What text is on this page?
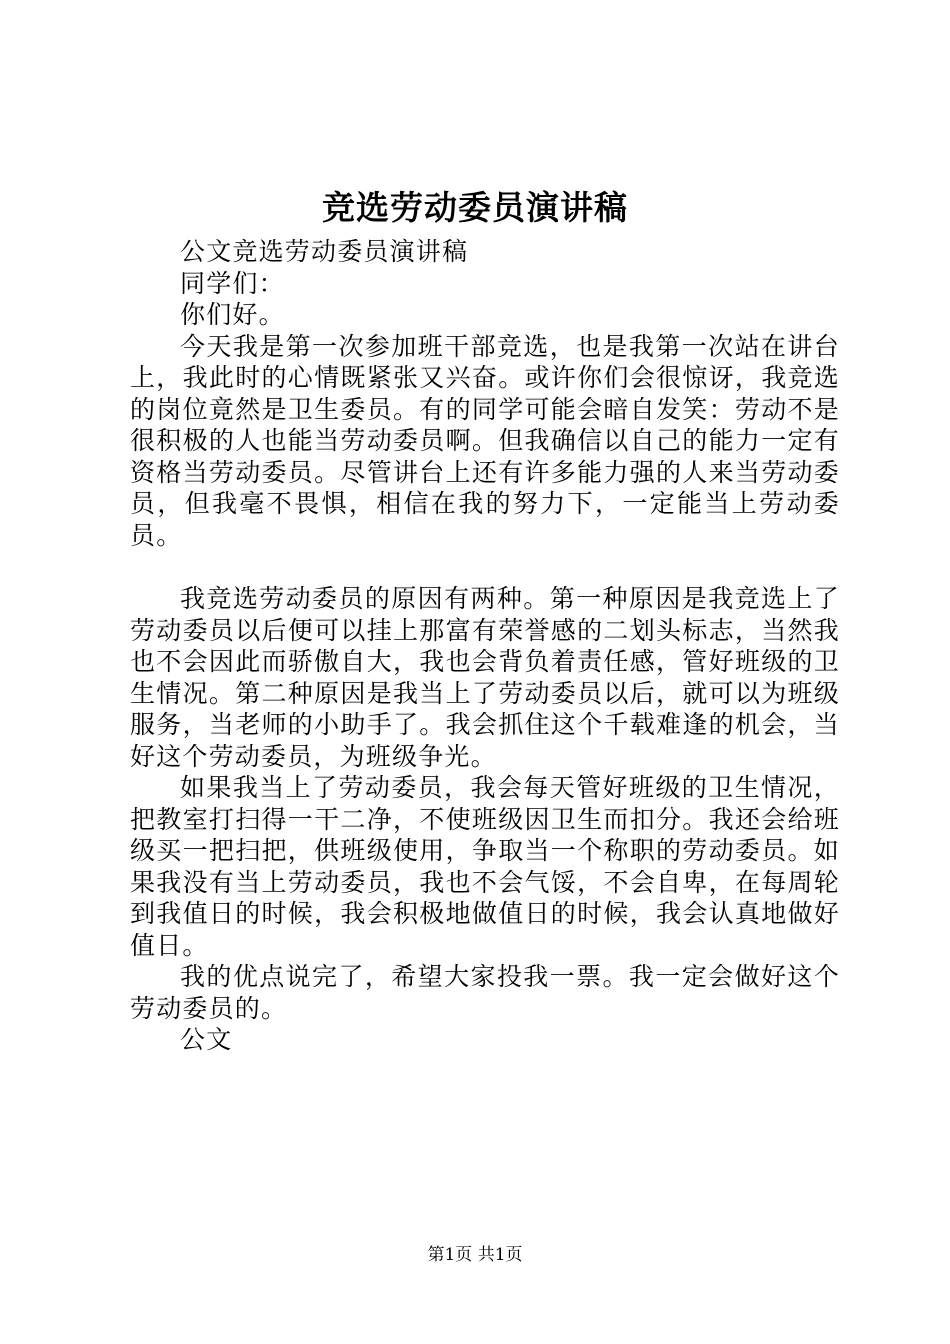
竞选劳动委员演讲稿

公文竞选劳动委员演讲稿

同学们：

你们好。

今天我是第一次参加班干部竞选，也是我第一次站在讲台上，我此时的心情既紧张又兴奋。或许你们会很惊讶，我竞选的岗位竟然是卫生委员。有的同学可能会暗自发笑：劳动不是很积极的人也能当劳动委员啊。但我确信以自己的能力一定有资格当劳动委员。尽管讲台上还有许多能力强的人来当劳动委员，但我毫不畏惧，相信在我的努力下，一定能当上劳动委员。

我竞选劳动委员的原因有两种。第一种原因是我竞选上了劳动委员以后便可以挂上那富有荣誉感的二划头标志，当然我也不会因此而骄傲自大，我也会背负着责任感，管好班级的卫生情况。第二种原因是我当上了劳动委员以后，就可以为班级服务，当老师的小助手了。我会抓住这个千载难逢的机会，当好这个劳动委员，为班级争光。

如果我当上了劳动委员，我会每天管好班级的卫生情况，把教室打扫得一干二净，不使班级因卫生而扣分。我还会给班级买一把扫把，供班级使用，争取当一个称职的劳动委员。如果我没有当上劳动委员，我也不会气馁，不会自卑，在每周轮到我值日的时候，我会积极地做值日的时候，我会认真地做好值日。

我的优点说完了，希望大家投我一票。我一定会做好这个劳动委员的。

公文

第1页 共1页
